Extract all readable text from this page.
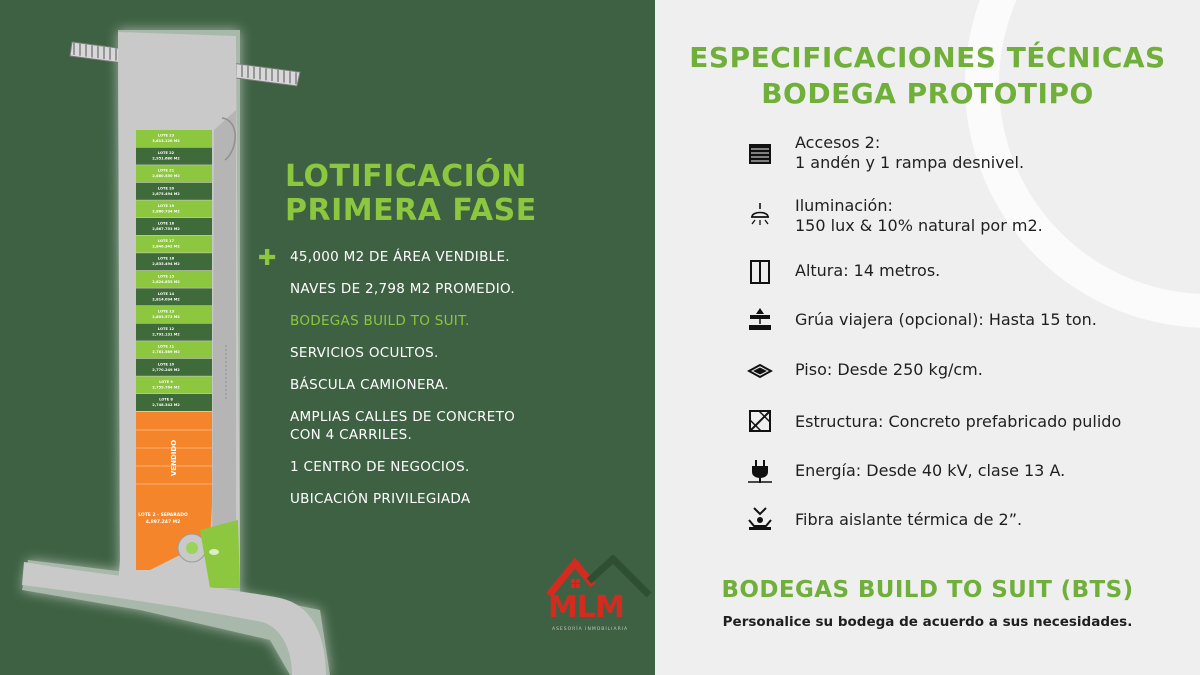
LOTE 23
3,613.120 M2
LOTE 22
2,951.680 M2
LOTE 21
2,880.550 M2
LOTE 20
2,875.494 M2
LOTE 19
2,860.734 M2
LOTE 18
2,867.753 M2
LOTE 17
2,846.342 M2
LOTE 16
2,835.494 M2
LOTE 15
2,824.653 M2
LOTE 14
2,814.094 M2
LOTE 13
2,803.572 M2
LOTE 12
2,792.131 M2
LOTE 11
2,781.589 M2
LOTE 10
2,770.249 M2
LOTE 9
2,759.764 M2
LOTE 8
2,748.342 M2
VENDIDO
LOTE 2 - SEPARADO
4,897.247 M2
LOTIFICACIÓN
PRIMERA FASE
✚ 45,000 M2 DE ÁREA VENDIBLE.
NAVES DE 2,798 M2 PROMEDIO.
BODEGAS BUILD TO SUIT.
SERVICIOS OCULTOS.
BÁSCULA CAMIONERA.
AMPLIAS CALLES DE CONCRETO CON 4 CARRILES.
1 CENTRO DE NEGOCIOS.
UBICACIÓN PRIVILEGIADA
MLM
ASESORÍA INMOBILIARIA
ESPECIFICACIONES TÉCNICAS
BODEGA PROTOTIPO
Accesos 2:
1 andén y 1 rampa desnivel.
Iluminación:
150 lux & 10% natural por m2.
Altura: 14 metros.
Grúa viajera (opcional): Hasta 15 ton.
Piso: Desde 250 kg/cm.
Estructura: Concreto prefabricado pulido
Energía: Desde 40 kV, clase 13 A.
Fibra aislante térmica de 2”.
BODEGAS BUILD TO SUIT (BTS)
Personalice su bodega de acuerdo a sus necesidades.
